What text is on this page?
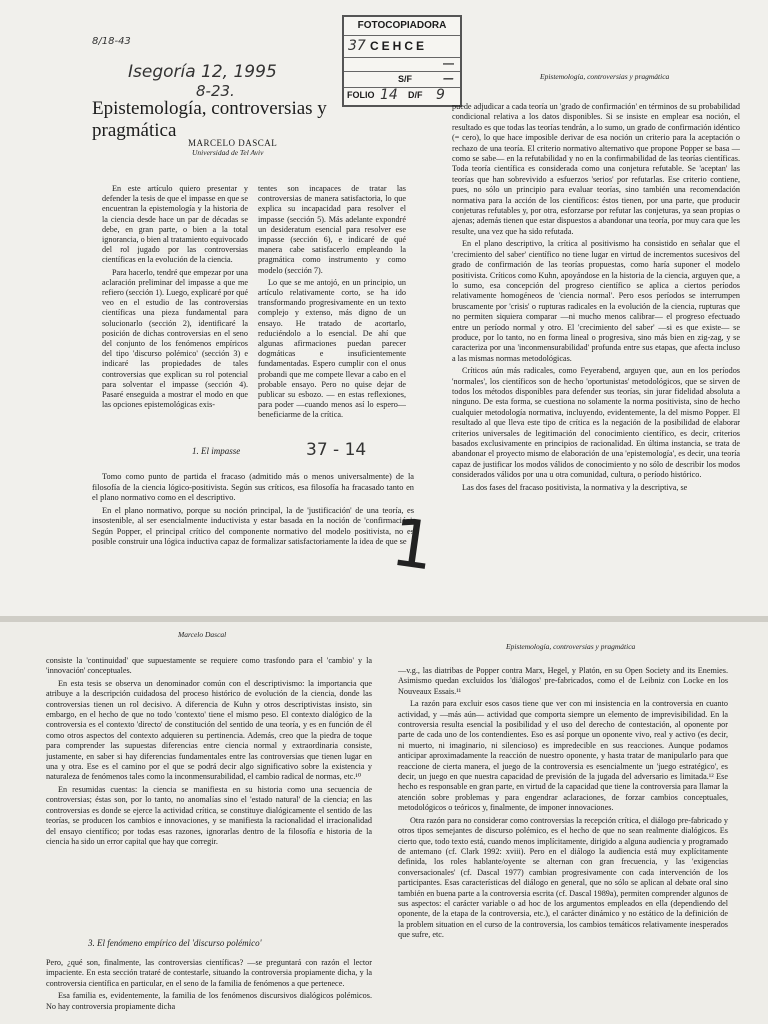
8/18-43
Isegoría 12, 1995
8-23.
FOTOCOPIADORA
37 CEHCE
—
S/F	—
FOLIO 14 D/F 9
Epistemología, controversias y pragmática
Epistemología, controversias y pragmática
MARCELO DASCAL
Universidad de Tel Aviv

En este artículo quiero presentar y defender la tesis de que el impasse en que se encuentran la epistemología y la historia de la ciencia desde hace un par de décadas se debe, en gran parte, o bien a la total ignorancia, o bien al tratamiento equivocado del rol jugado por las controversias científicas en la evolución de la ciencia.

Para hacerlo, tendré que empezar por una aclaración preliminar del impasse a que me refiero (sección 1). Luego, explicaré por qué veo en el estudio de las controversias científicas una pieza fundamental para solucionarlo (sección 2), identificaré la posición de dichas controversias en el seno del conjunto de los fenómenos empíricos del tipo 'discurso polémico' (sección 3) e indicaré las propiedades de tales controversias que explican su rol potencial para solventar el impasse (sección 4). Pasaré enseguida a mostrar el modo en que las opciones epistemológicas exis-

tentes son incapaces de tratar las controversias de manera satisfactoria, lo que explica su incapacidad para resolver el impasse (sección 5). Más adelante expondré un desideratum esencial para resolver ese impasse (sección 6), e indicaré de qué manera cabe satisfacerlo empleando la pragmática como instrumento y como modelo (sección 7).

Lo que se me antojó, en un principio, un artículo relativamente corto, se ha ido transformando progresivamente en un texto complejo y extenso, más digno de un ensayo. He tratado de acortarlo, reduciéndolo a lo esencial. De ahí que algunas afirmaciones puedan parecer dogmáticas e insuficientemente fundamentadas. Espero cumplir con el onus probandi que me compete llevar a cabo en el probable ensayo. Pero no quise dejar de publicar su esbozo. — en estas reflexiones, para poder —cuando menos así lo espero— beneficiarme de la crítica.

1. El impasse	37 - 14

Tomo como punto de partida el fracaso (admitido más o menos universalmente) de la filosofía de la ciencia lógico-positivista. Según sus críticos, esa filosofía ha fracasado tanto en el plano normativo como en el descriptivo.

En el plano normativo, porque su noción principal, la de 'justificación' de una teoría, es insostenible, al ser esencialmente inductivista y estar basada en la noción de 'confirmación'. Según Popper, el principal crítico del componente normativo del modelo positivista, no es posible construir una lógica inductiva capaz de formalizar satisfactoriamente la idea de que se

puede adjudicar a cada teoría un 'grado de confirmación' en términos de su probabilidad condicional relativa a los datos disponibles. Si se insiste en emplear esa noción, el resultado es que todas las teorías tendrán, a lo sumo, un grado de confirmación idéntico (= cero), lo que hace imposible derivar de esa noción un criterio para la aceptación o rechazo de una teoría. El criterio normativo alternativo que propone Popper se basa —como se sabe— en la refutabilidad y no en la confirmabilidad de las teorías científicas. Toda teoría científica es considerada como una conjetura refutable. Se 'aceptan' las teorías que han sobrevivido a esfuerzos 'serios' por refutarlas. Ese criterio contiene, pues, no sólo un principio para evaluar teorías, sino también una recomendación normativa para la acción de los científicos: éstos tienen, por una parte, que producir conjeturas refutables y, por otra, esforzarse por refutar las conjeturas, ya sean propias o ajenas; además tienen que estar dispuestos a abandonar una teoría, por muy cara que les resulte, una vez que ha sido refutada.

En el plano descriptivo, la crítica al positivismo ha consistido en señalar que el 'crecimiento del saber' científico no tiene lugar en virtud de incrementos sucesivos del grado de confirmación de las teorías propuestas, como haría suponer el modelo positivista. Críticos como Kuhn, apoyándose en la historia de la ciencia, arguyen que, a lo sumo, esa concepción del progreso científico se aplica a ciertos períodos relativamente homogéneos de 'ciencia normal'. Pero esos períodos se interrumpen bruscamente por 'crisis' o rupturas radicales en la evolución de la ciencia, rupturas que no permiten siquiera comparar —ni mucho menos calibrar— el progreso efectuado entre un período normal y otro. El 'crecimiento del saber' —si es que existe— se produce, por lo tanto, no en forma lineal o progresiva, sino más bien en zig-zag, y se caracteriza por una 'inconmensurabilidad' profunda entre sus etapas, que afecta incluso a las mismas normas metodológicas.

Críticos aún más radicales, como Feyerabend, arguyen que, aun en los períodos 'normales', los científicos son de hecho 'oportunistas' metodológicos, que se sirven de todos los métodos disponibles para defender sus teorías, sin jurar fidelidad absoluta a ninguno. De esta forma, se cuestiona no solamente la norma positivista, sino de hecho cualquier metodología normativa, incluyendo, evidentemente, la del mismo Popper. El resultado al que lleva este tipo de crítica es la negación de la posibilidad de elaborar criterios universales de legitimación del conocimiento científico, es decir, criterios basados exclusivamente en principios de racionalidad. En última instancia, se trata de abandonar el proyecto mismo de elaboración de una 'epistemología', es decir, una teoría capaz de justificar los modos válidos de conocimiento y no sólo de describir los modos considerados válidos por una u otra comunidad, cultura, o período histórico.

Las dos fases del fracaso positivista, la normativa y la descriptiva, se

1
Marcelo Dascal
Epistemología, controversias y pragmática

consiste la 'continuidad' que supuestamente se requiere como trasfondo para el 'cambio' y la 'innovación' conceptuales.

En esta tesis se observa un denominador común con el descriptivismo: la importancia que atribuye a la descripción cuidadosa del proceso histórico de evolución de la ciencia, donde las controversias tienen un rol decisivo. A diferencia de Kuhn y otros descriptivistas insisto, sin embargo, en el hecho de que no todo 'contexto' tiene el mismo peso. El contexto dialógico de la controversia es el contexto 'directo' de constitución del sentido de una teoría, y es en función de él como otros aspectos del contexto adquieren su pertinencia. Además, creo que la piedra de toque para comprender las supuestas diferencias entre ciencia normal y extraordinaria consiste, justamente, en saber si hay diferencias fundamentales entre las controversias que tienen lugar en una y otra. Ese es el camino por el que se podrá decir algo significativo sobre la existencia y naturaleza de fenómenos tales como la inconmensurabilidad, el cambio radical de normas, etc.¹⁰

En resumidas cuentas: la ciencia se manifiesta en su historia como una secuencia de controversias; éstas son, por lo tanto, no anomalías sino el 'estado natural' de la ciencia; en las controversias es donde se ejerce la actividad crítica, se constituye dialógicamente el sentido de las teorías, se producen los cambios e innovaciones, y se manifiesta la racionalidad el irracionalidad del ensayo científico; por todas esas razones, ignorarlas dentro de la filosofía e historia de la ciencia ha sido un error capital que hay que corregir.

3. El fenómeno empírico del 'discurso polémico'

Pero, ¿qué son, finalmente, las controversias científicas? —se preguntará con razón el lector impaciente. En esta sección trataré de contestarle, situando la controversia propiamente dicha, y la controversia científica en particular, en el seno de la familia de fenómenos a que pertenece.

Esa familia es, evidentemente, la familia de los fenómenos discursivos dialógicos polémicos. No hay controversia propiamente dicha

—v.g., las diatribas de Popper contra Marx, Hegel, y Platón, en su Open Society and its Enemies. Asimismo quedan excluidos los 'diálogos' pre-fabricados, como el de Leibniz con Locke en los Nouveaux Essais.¹¹

La razón para excluir esos casos tiene que ver con mi insistencia en la controversia en cuanto actividad, y —más aún— actividad que comporta siempre un elemento de imprevisibilidad. En la controversia resulta esencial la posibilidad y el uso del derecho de contestación, al oponente por parte de cada uno de los contendientes. Eso es así porque un oponente vivo, real y activo (es decir, ni muerto, ni imaginario, ni silencioso) es impredecible en sus reacciones. Aunque podamos anticipar aproximadamente la reacción de nuestro oponente, y hasta tratar de manipularlo para que reaccione de cierta manera, el juego de la controversia es esencialmente un 'juego estratégico', es decir, un juego en que nuestra capacidad de previsión de la jugada del adversario es limitada.¹² Ese hecho es responsable en gran parte, en virtud de la capacidad que tiene la controversia para llamar la atención sobre problemas y para engendrar aclaraciones, de forzar cambios conceptuales, metodológicos o teóricos y, finalmente, de imponer innovaciones.

Otra razón para no considerar como controversias la recepción crítica, el diálogo pre-fabricado y otros tipos semejantes de discurso polémico, es el hecho de que no sean realmente dialógicos. Es cierto que, todo texto está, cuando menos implícitamente, dirigido a alguna audiencia y programado de antemano (cf. Clark 1992: xviii). Pero en el diálogo la audiencia está muy explícitamente definida, los roles hablante/oyente se alternan con gran frecuencia, y las 'exigencias conversacionales' (cf. Dascal 1977) cambian progresivamente con cada intervención de los participantes. Esas características del diálogo en general, que no sólo se aplican al debate oral sino también en buena parte a la controversia escrita (cf. Dascal 1989a), permiten comprender algunos de sus aspectos: el carácter variable o ad hoc de los argumentos empleados en ella (dependiendo del oponente, de la etapa de la controversia, etc.), el carácter dinámico y no estático de la definición de la problem situation en el curso de la controversia, los cambios temáticos relativamente inesperados que sufre, etc.
